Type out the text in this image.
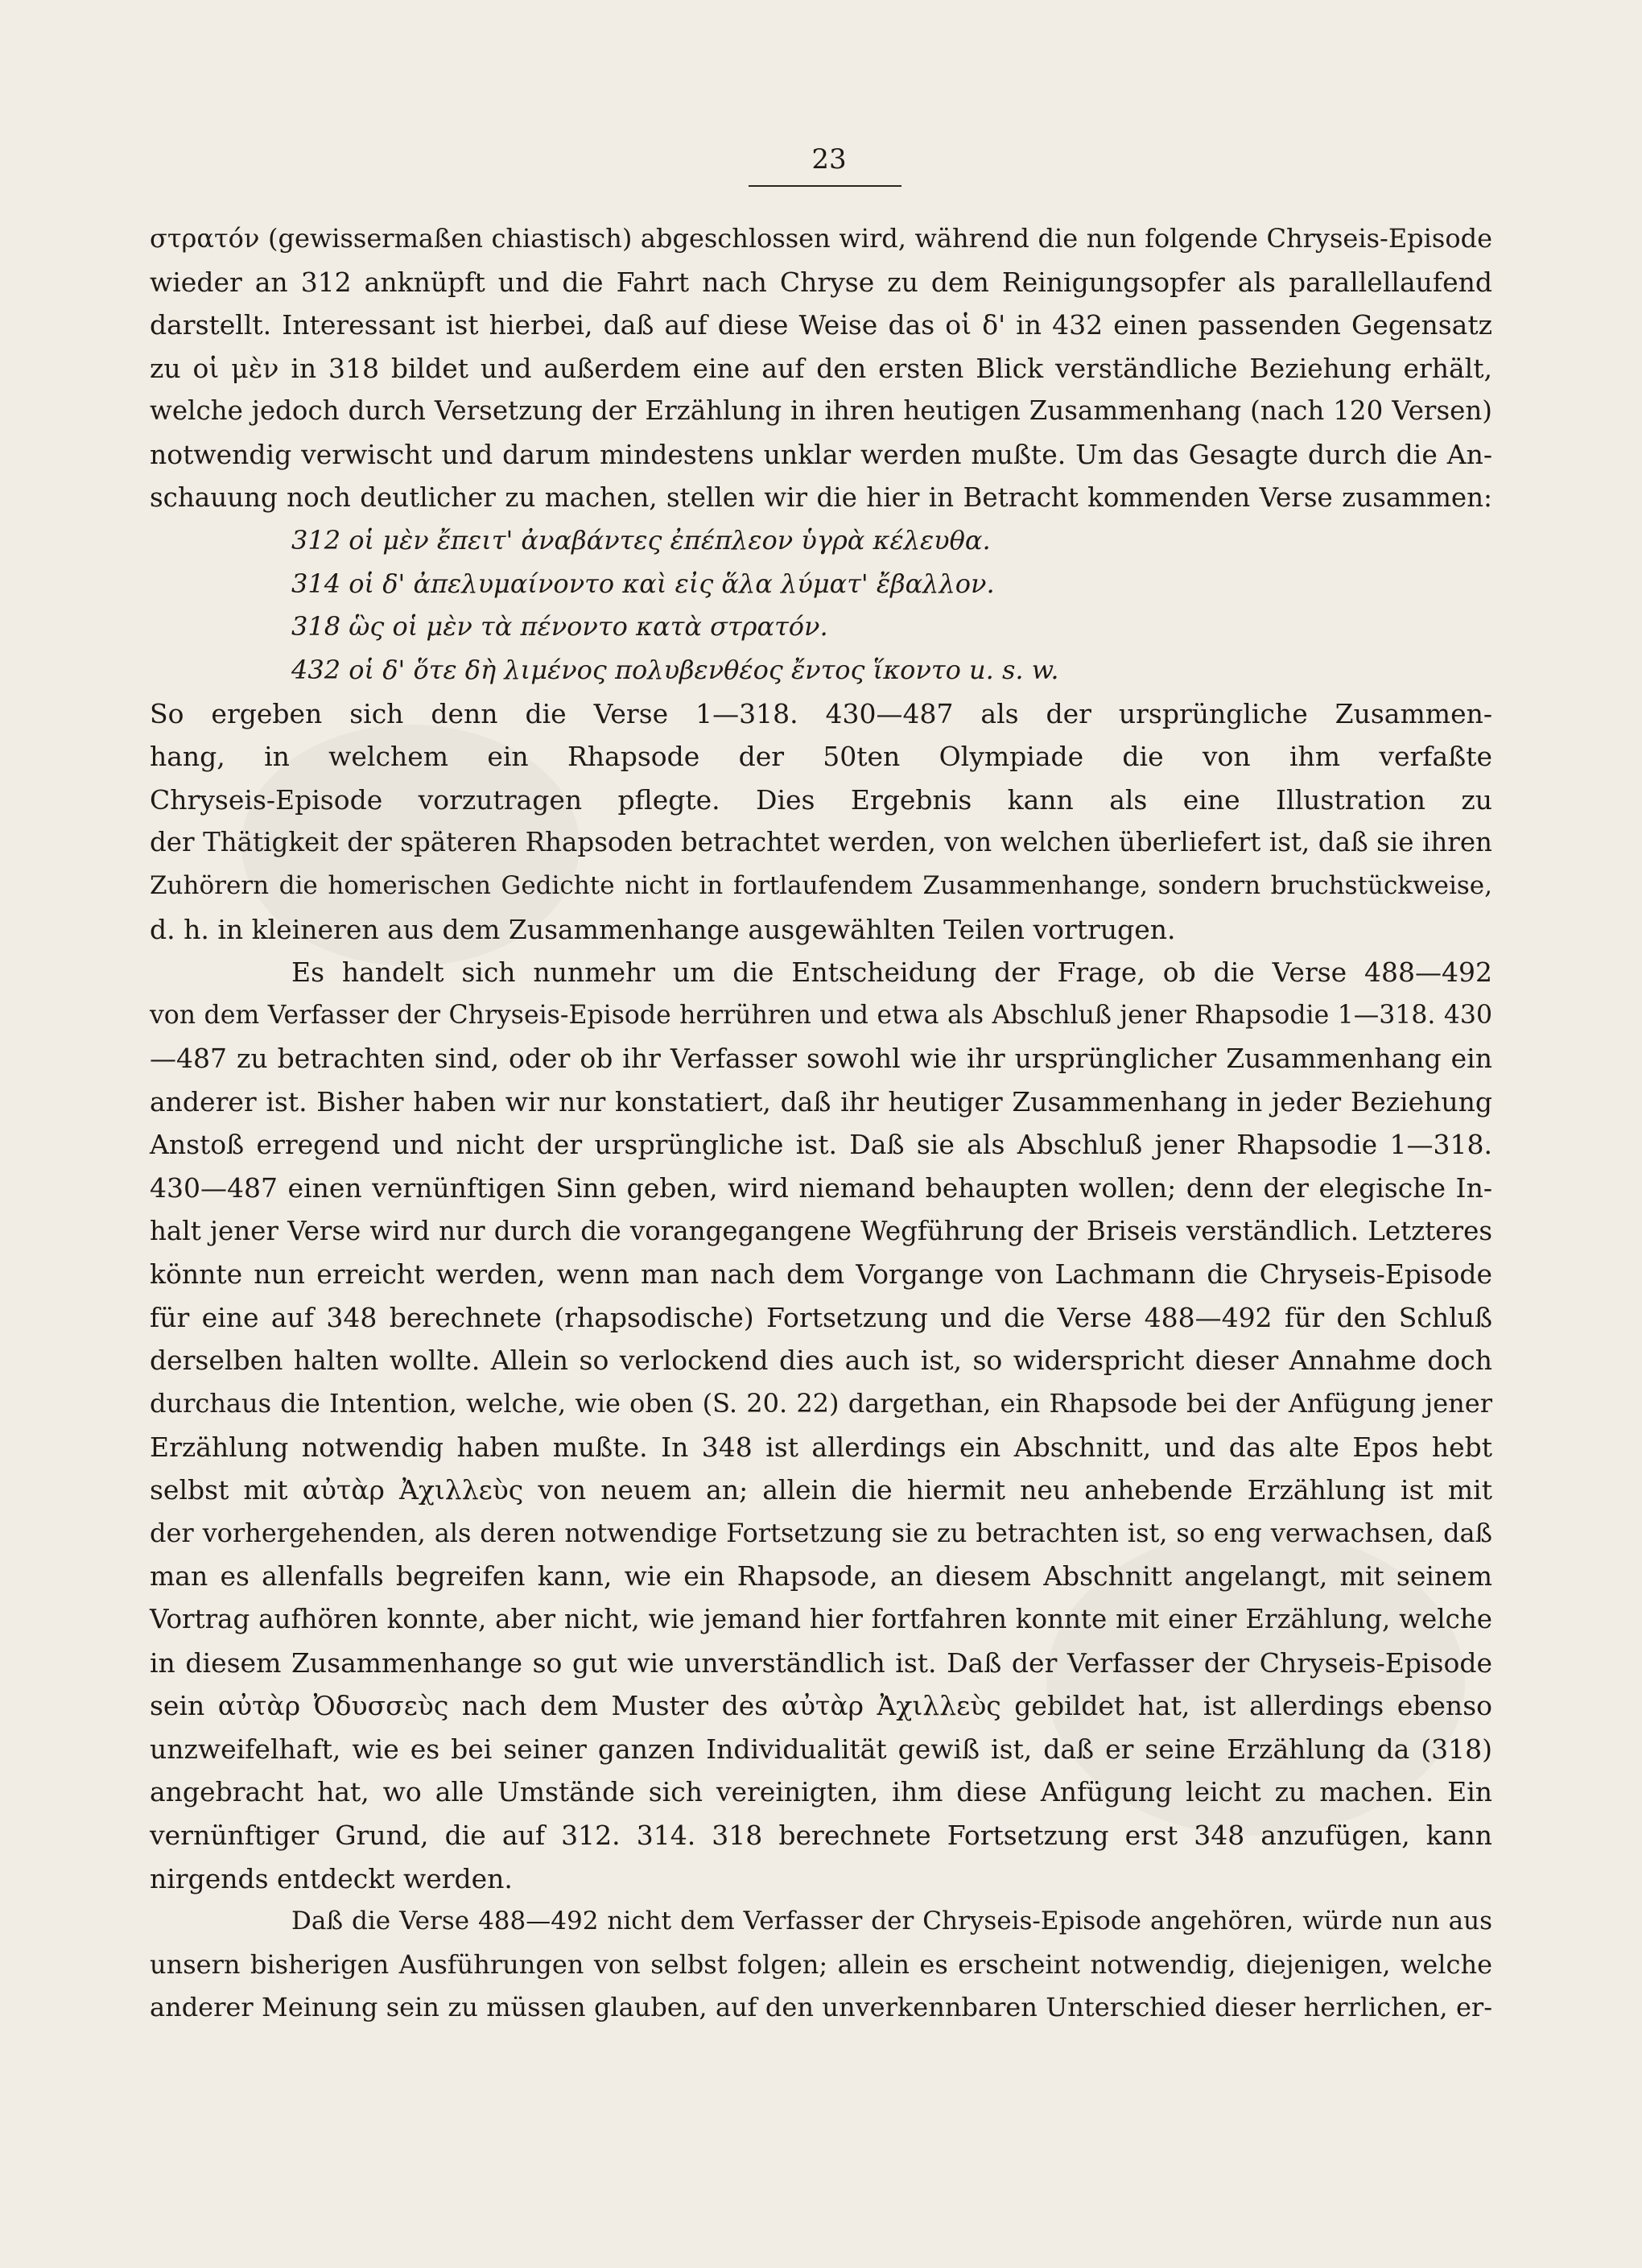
23
στρατόν (gewissermaßen chiastisch) abgeschlossen wird, während die nun folgende Chryseis-Episode
wieder an 312 anknüpft und die Fahrt nach Chryse zu dem Reinigungsopfer als parallellaufend
darstellt. Interessant ist hierbei, daß auf diese Weise das οἱ δ' in 432 einen passenden Gegensatz
zu οἱ μὲν in 318 bildet und außerdem eine auf den ersten Blick verständliche Beziehung erhält,
welche jedoch durch Versetzung der Erzählung in ihren heutigen Zusammenhang (nach 120 Versen)
notwendig verwischt und darum mindestens unklar werden mußte. Um das Gesagte durch die An-
schauung noch deutlicher zu machen, stellen wir die hier in Betracht kommenden Verse zusammen:
312 οἱ μὲν ἔπειτ' ἀναβάντες ἐπέπλεον ὑγρὰ κέλευθα.
314 οἱ δ' ἀπελυμαίνοντο καὶ εἰς ἅλα λύματ' ἔβαλλον.
318 ὣς οἱ μὲν τὰ πένοντο κατὰ στρατόν.
432 οἱ δ' ὅτε δὴ λιμένος πολυβενθέος ἔντος ἵκοντο u. s. w.
So ergeben sich denn die Verse 1—318. 430—487 als der ursprüngliche Zusammen-
hang, in welchem ein Rhapsode der 50ten Olympiade die von ihm verfaßte
Chryseis-Episode vorzutragen pflegte. Dies Ergebnis kann als eine Illustration zu
der Thätigkeit der späteren Rhapsoden betrachtet werden, von welchen überliefert ist, daß sie ihren
Zuhörern die homerischen Gedichte nicht in fortlaufendem Zusammenhange, sondern bruchstückweise,
d. h. in kleineren aus dem Zusammenhange ausgewählten Teilen vortrugen.
Es handelt sich nunmehr um die Entscheidung der Frage, ob die Verse 488—492
von dem Verfasser der Chryseis-Episode herrühren und etwa als Abschluß jener Rhapsodie 1—318. 430
—487 zu betrachten sind, oder ob ihr Verfasser sowohl wie ihr ursprünglicher Zusammenhang ein
anderer ist. Bisher haben wir nur konstatiert, daß ihr heutiger Zusammenhang in jeder Beziehung
Anstoß erregend und nicht der ursprüngliche ist. Daß sie als Abschluß jener Rhapsodie 1—318.
430—487 einen vernünftigen Sinn geben, wird niemand behaupten wollen; denn der elegische In-
halt jener Verse wird nur durch die vorangegangene Wegführung der Briseis verständlich. Letzteres
könnte nun erreicht werden, wenn man nach dem Vorgange von Lachmann die Chryseis-Episode
für eine auf 348 berechnete (rhapsodische) Fortsetzung und die Verse 488—492 für den Schluß
derselben halten wollte. Allein so verlockend dies auch ist, so widerspricht dieser Annahme doch
durchaus die Intention, welche, wie oben (S. 20. 22) dargethan, ein Rhapsode bei der Anfügung jener
Erzählung notwendig haben mußte. In 348 ist allerdings ein Abschnitt, und das alte Epos hebt
selbst mit αὐτὰρ Ἀχιλλεὺς von neuem an; allein die hiermit neu anhebende Erzählung ist mit
der vorhergehenden, als deren notwendige Fortsetzung sie zu betrachten ist, so eng verwachsen, daß
man es allenfalls begreifen kann, wie ein Rhapsode, an diesem Abschnitt angelangt, mit seinem
Vortrag aufhören konnte, aber nicht, wie jemand hier fortfahren konnte mit einer Erzählung, welche
in diesem Zusammenhange so gut wie unverständlich ist. Daß der Verfasser der Chryseis-Episode
sein αὐτὰρ Ὀδυσσεὺς nach dem Muster des αὐτὰρ Ἀχιλλεὺς gebildet hat, ist allerdings ebenso
unzweifelhaft, wie es bei seiner ganzen Individualität gewiß ist, daß er seine Erzählung da (318)
angebracht hat, wo alle Umstände sich vereinigten, ihm diese Anfügung leicht zu machen. Ein
vernünftiger Grund, die auf 312. 314. 318 berechnete Fortsetzung erst 348 anzufügen, kann
nirgends entdeckt werden.
Daß die Verse 488—492 nicht dem Verfasser der Chryseis-Episode angehören, würde nun aus
unsern bisherigen Ausführungen von selbst folgen; allein es erscheint notwendig, diejenigen, welche
anderer Meinung sein zu müssen glauben, auf den unverkennbaren Unterschied dieser herrlichen, er-
